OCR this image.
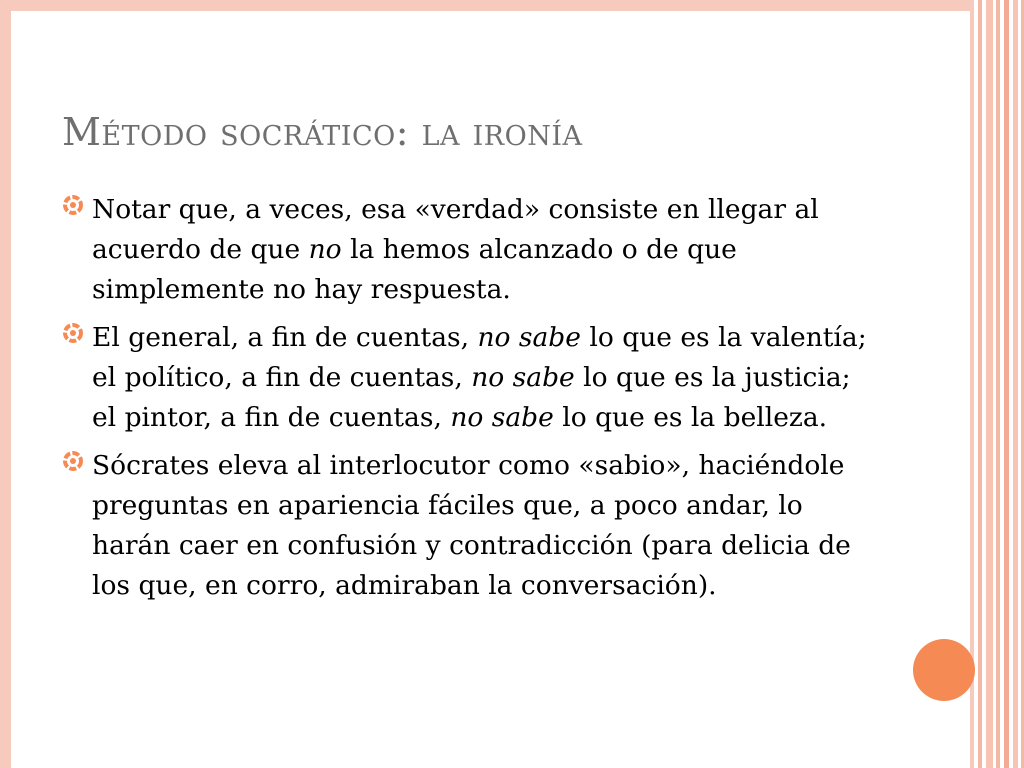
Método socrático: la ironía
Notar que, a veces, esa «verdad» consiste en llegar al acuerdo de que no la hemos alcanzado o de que simplemente no hay respuesta.
El general, a fin de cuentas, no sabe lo que es la valentía; el político, a fin de cuentas, no sabe lo que es la justicia; el pintor, a fin de cuentas, no sabe lo que es la belleza.
Sócrates eleva al interlocutor como «sabio», haciéndole preguntas en apariencia fáciles que, a poco andar, lo harán caer en confusión y contradicción (para delicia de los que, en corro, admiraban la conversación).
